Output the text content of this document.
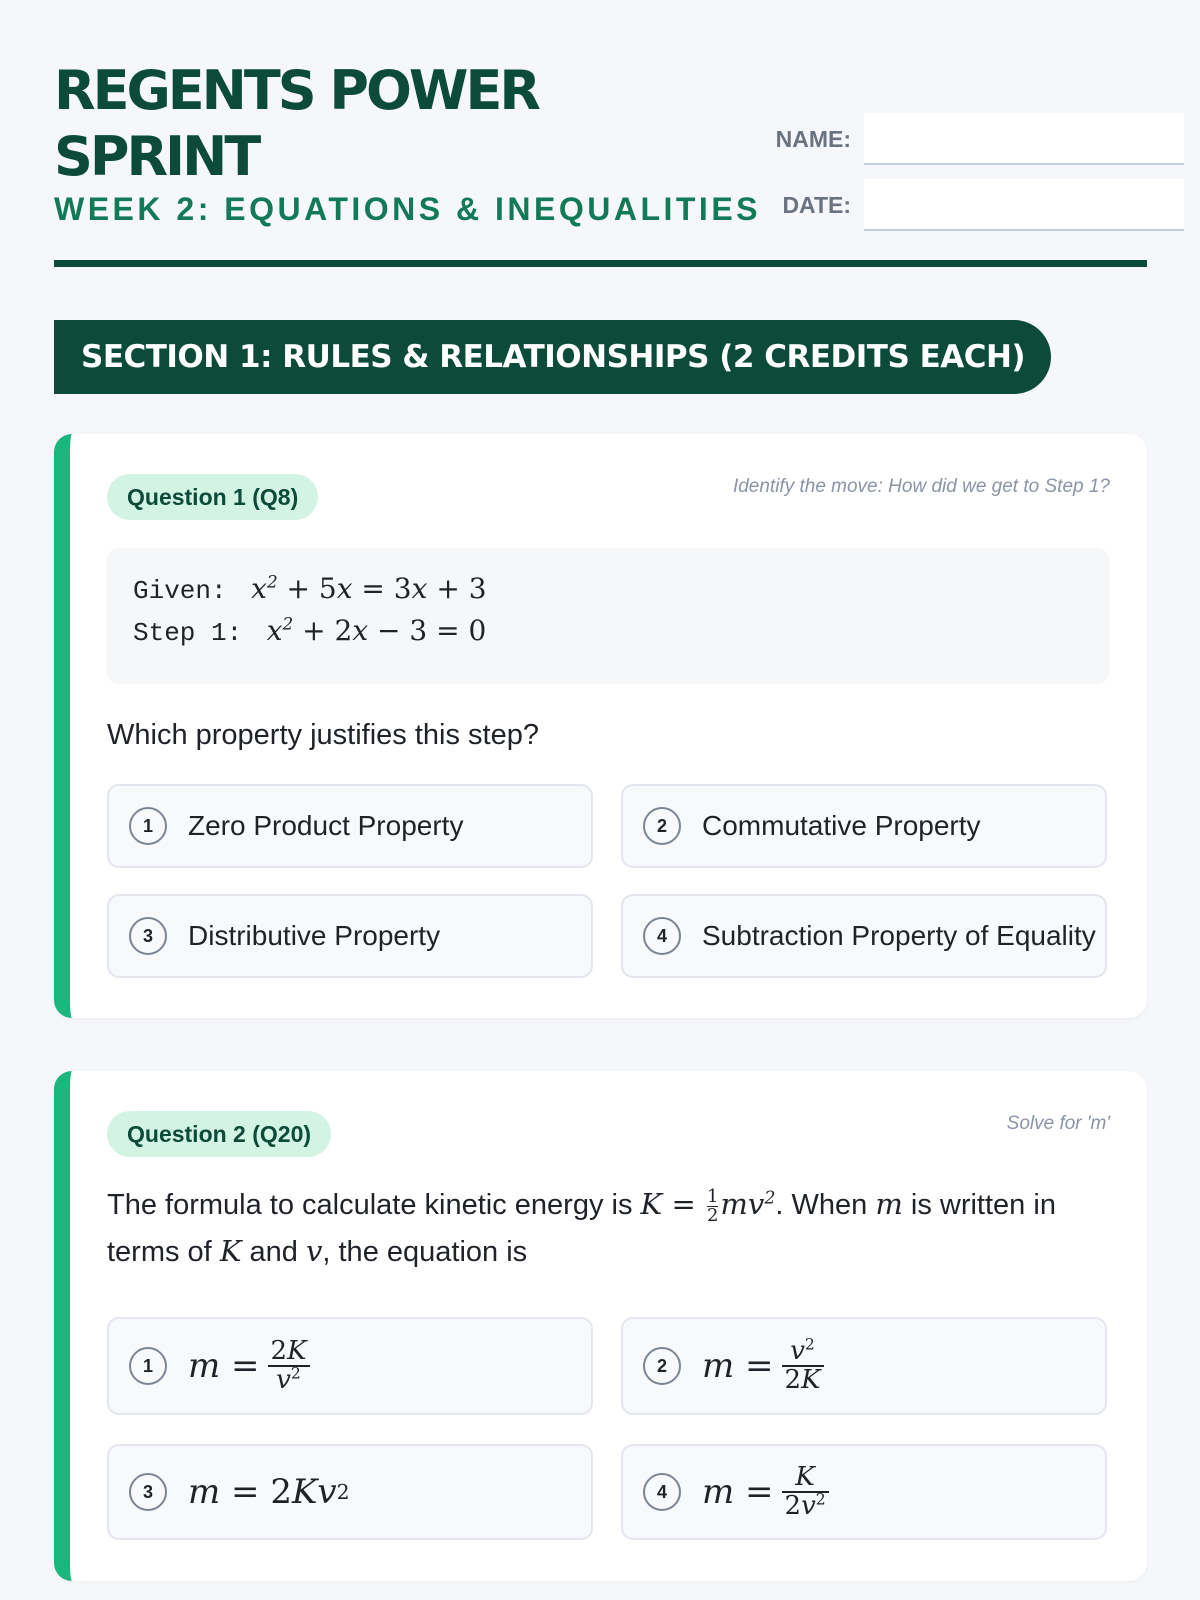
REGENTS POWER SPRINT
WEEK 2: EQUATIONS & INEQUALITIES
NAME:
DATE:
SECTION 1: RULES & RELATIONSHIPS (2 CREDITS EACH)
Question 1 (Q8)	Identify the move: How did we get to Step 1?
Given:  $x^2 + 5x = 3x + 3$
Step 1:  $x^2 + 2x - 3 = 0$
Which property justifies this step?
1	Zero Product Property	2	Commutative Property
3	Distributive Property	4	Subtraction Property of Equality
Question 2 (Q20)	Solve for 'm'
The formula to calculate kinetic energy is $K = \frac{1}{2} mv^2$. When m is written in terms of K and v, the equation is
1	$m = \frac{2K}{v^2}$	2	$m = \frac{v^2}{2K}$
3	m = 2 Kv 2	4	$m = \frac{K}{2v^2}$
